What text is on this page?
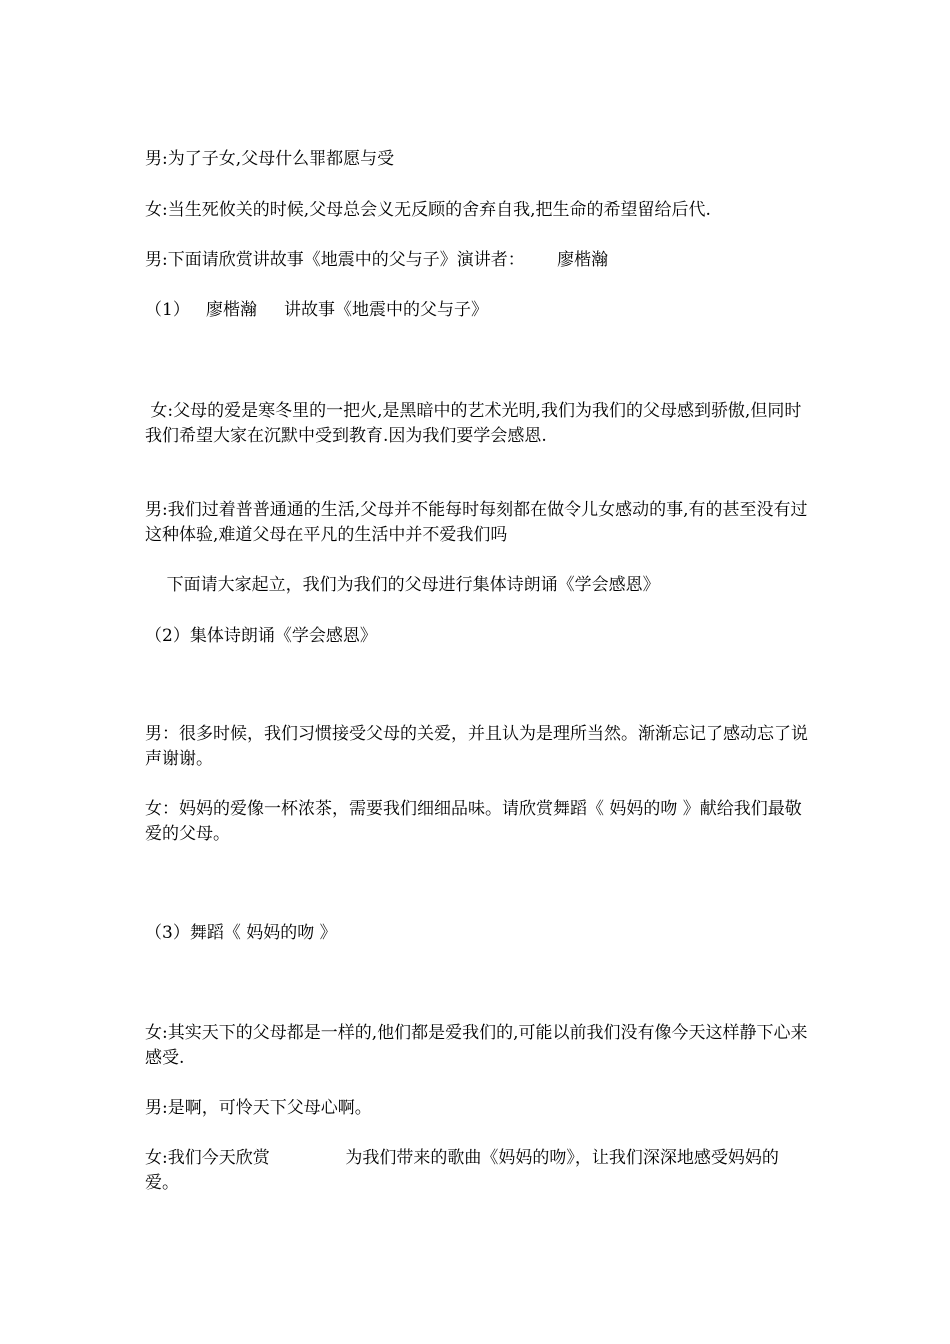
男:为了子女,父母什么罪都愿与受

女:当生死攸关的时候,父母总会义无反顾的舍弃自我,把生命的希望留给后代.

男:下面请欣赏讲故事《地震中的父与子》演讲者：      廖楷瀚

（1）   廖楷瀚     讲故事《地震中的父与子》

女:父母的爱是寒冬里的一把火,是黑暗中的艺术光明,我们为我们的父母感到骄傲,但同时我们希望大家在沉默中受到教育.因为我们要学会感恩.

男:我们过着普普通通的生活,父母并不能每时每刻都在做令儿女感动的事,有的甚至没有过这种体验,难道父母在平凡的生活中并不爱我们吗

下面请大家起立，我们为我们的父母进行集体诗朗诵《学会感恩》

（2）集体诗朗诵《学会感恩》

男：很多时候，我们习惯接受父母的关爱，并且认为是理所当然。渐渐忘记了感动忘了说声谢谢。

女：妈妈的爱像一杯浓茶，需要我们细细品味。请欣赏舞蹈《 妈妈的吻 》献给我们最敬爱的父母。

（3）舞蹈《 妈妈的吻 》

女:其实天下的父母都是一样的,他们都是爱我们的,可能以前我们没有像今天这样静下心来感受.

男:是啊，可怜天下父母心啊。

女:我们今天欣赏              为我们带来的歌曲《妈妈的吻》，让我们深深地感受妈妈的爱。
